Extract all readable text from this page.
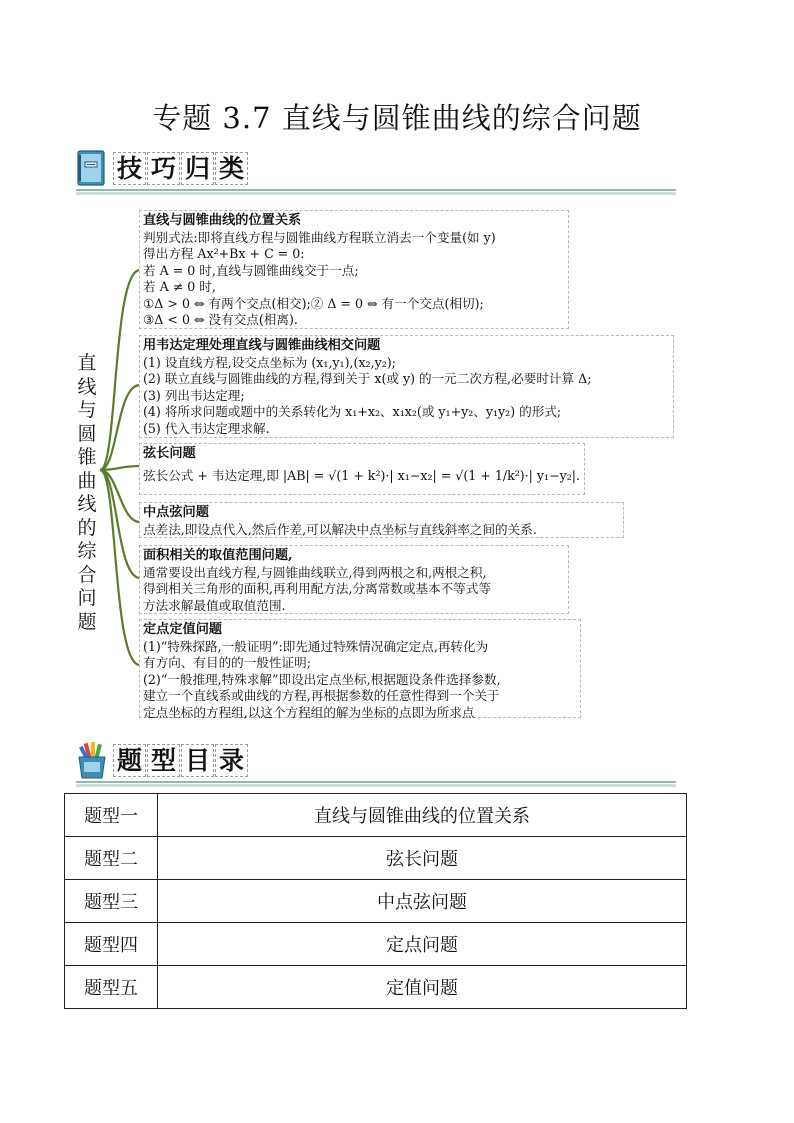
专题 3.7 直线与圆锥曲线的综合问题
技 巧 归 类
直
线
与
圆
锥
曲
线
的
综
合
问
题
直线与圆锥曲线的位置关系
判别式法:即将直线方程与圆锥曲线方程联立消去一个变量(如 y)
得出方程 Ax²+Bx + C = 0:
若 A = 0 时,直线与圆锥曲线交于一点;
若 A ≠ 0 时,
①Δ > 0 ⇔ 有两个交点(相交);② Δ = 0 ⇔ 有一个交点(相切);
③Δ < 0 ⇔ 没有交点(相离).
用韦达定理处理直线与圆锥曲线相交问题
(1) 设直线方程,设交点坐标为 (x₁,y₁),(x₂,y₂);
(2) 联立直线与圆锥曲线的方程,得到关于 x(或 y) 的一元二次方程,必要时计算 Δ;
(3) 列出韦达定理;
(4) 将所求问题或题中的关系转化为 x₁+x₂、x₁x₂(或 y₁+y₂、y₁y₂) 的形式;
(5) 代入韦达定理求解.
弦长问题
弦长公式 + 韦达定理,即 |AB| = √(1 + k²)·| x₁−x₂| = √(1 + 1/k²)·| y₁−y₂|.
中点弦问题
点差法,即设点代入,然后作差,可以解决中点坐标与直线斜率之间的关系.
面积相关的取值范围问题,
通常要设出直线方程,与圆锥曲线联立,得到两根之和,两根之积,
得到相关三角形的面积,再利用配方法,分离常数或基本不等式等
方法求解最值或取值范围.
定点定值问题
(1)“特殊探路,一般证明”:即先通过特殊情况确定定点,再转化为
有方向、有目的的一般性证明;
(2)“一般推理,特殊求解”即设出定点坐标,根据题设条件选择参数,
建立一个直线系或曲线的方程,再根据参数的任意性得到一个关于
定点坐标的方程组,以这个方程组的解为坐标的点即为所求点
题 型 目 录
题型一	直线与圆锥曲线的位置关系
题型二	弦长问题
题型三	中点弦问题
题型四	定点问题
题型五	定值问题
